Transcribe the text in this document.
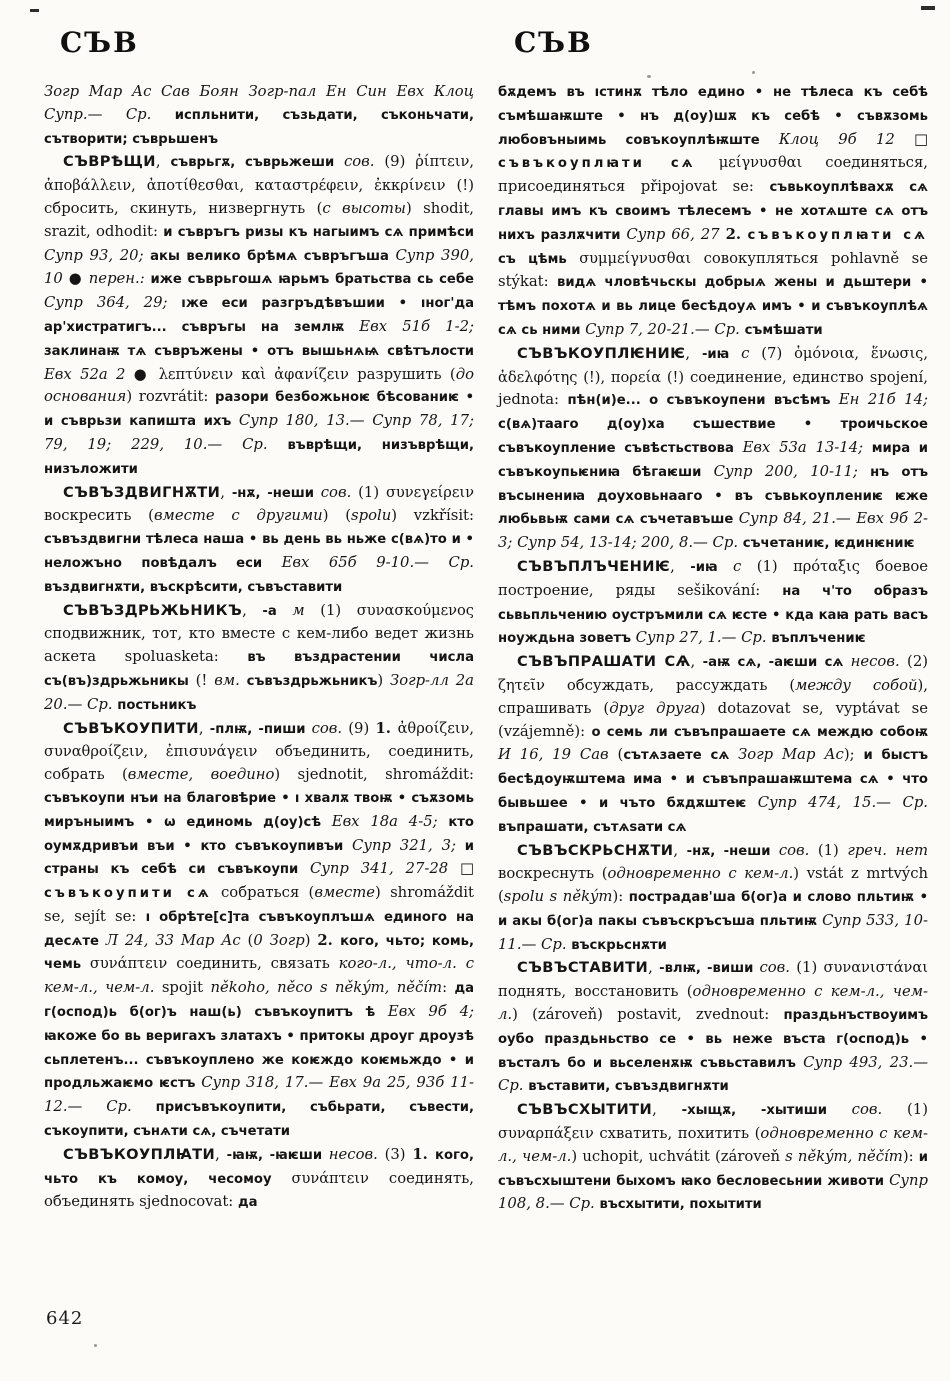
СЪВ

Зогр Мар Ас Сав Боян Зогр-пал Ен Син Евх Клоц Супр.— Ср. испльнити, съзьдати, съконьчати, сътворити; съврьшенъ

СЪВРѢЩИ, съврьгѫ, съврьжеши сов. (9) ῥίπτειν, ἀποβάλλειν, ἀποτίθεσθαι, καταστρέφειν, ἐκκρίνειν (!) сбросить, скинуть, низвергнуть (с высоты) shodit, srazit, odhodit: и съвръгъ ризы къ нагыимъ сѧ примѣси Супр 93, 20; акы велико брѣмѧ съвръгъша Супр 390, 10 ● перен.: иже съврьгошѧ ꙗрьмъ братьства сь себе Супр 364, 29; ıже еси разгръдѣвъшии • ıног'да ар'хистратигъ... съвръгы на землѭ Евх 51б 1-2; заклинаѭ тѧ съвръжены • отъ вышьнѧѩ свѣтълости Евх 52а 2 ● λεπτύνειν καὶ ἀφανίζειν разрушить (до основания) rozvrátit: разори безбожьноѥ бѣсованиѥ • и съврьзи капишта ихъ Супр 180, 13.— Супр 78, 17; 79, 19; 229, 10.— Ср. въврѣщи, низъврѣщи, низъложити

СЪВЪЗДВИГНѪТИ, -нѫ, -неши сов. (1) συνεγείρειν воскресить (вместе с другими) (spolu) vzkřísit: съвъздвигни тѣлеса наша • вь день вь ньже с(вѧ)то и • неложъно повѣдалъ еси Евх 65б 9-10.— Ср. въздвигнѫти, въскрѣсити, съвъставити

СЪВЪЗДРЬЖЬНИКЪ, -а м (1) συνασκούμενος сподвижник, тот, кто вместе с кем-либо ведет жизнь аскета spoluasketa: въ въздрастении числа съ(въ)здрьжьникы (! вм. съвъздрьжьникъ) Зогр-лл 2а 20.— Ср. постьникъ

СЪВЪКОУПИТИ, -плѭ, -пиши сов. (9) 1. ἀθροίζειν, συναθροίζειν, ἐπισυνάγειν объединить, соединить, собрать (вместе, воедино) sjednotit, shromáždit: съвъкоупи нъи на благовѣрие • ı хвалѫ твоѭ • съѫзомь миръныимъ • ѡ единомь д(оу)сѣ Евх 18а 4-5; кто оумѫдривъи въи • кто съвъкоупивъи Супр 321, 3; и страны къ себѣ си съвъкоупи Супр 341, 27-28 □ съвъкоупити сѧ собраться (вместе) shromáždit se, sejít se: ı обрѣте[с]та съвъкоуплъшѧ единого на десѧте Л 24, 33 Мар Ас (0 Зогр) 2. кого, чьто; комь, чемь συνάπτειν соединить, связать кого-л., что-л. с кем-л., чем-л. spojit někoho, něco s někým, něčím: да г(оспод)ь б(ог)ъ наш(ь) съвъкоупитъ ѣ Евх 9б 4; ꙗкоже бо вь веригахъ златахъ • притокы дроуг дроузѣ сьплетенъ... съвъкоуплено же коѥждо коѥмьждо • и продльжаѥмо ѥстъ Супр 318, 17.— Евх 9а 25, 93б 11-12.— Ср. присъвъкоупити, събьрати, съвести, съкоупити, сънѧти сѧ, съчетати

СЪВЪКОУПЛꙖТИ, -ꙗѭ, -ꙗѥши несов. (3) 1. кого, чьто къ комоу, чесомоу συνάπτειν соединять, объединять sjednocovat: да

СЪВ

бѫдемъ въ ıстинѫ тѣло едино • не тѣлеса къ себѣ съмѣшаѭште • нъ д(оу)шѫ къ себѣ • съвѫзомь любовъныимь совъкоуплѣѭште Клоц 9б 12 □ съвъкоуплꙗти сѧ μείγνυσθαι соединяться, присоединяться připojovat se: съвькоуплѣвахѫ сѧ главы имъ къ своимъ тѣлесемъ • не хотѧште сѧ отъ нихъ разлѫчити Супр 66, 27 2. съвъкоуплꙗти сѧ съ цѣмь συμμείγνυσθαι совокупляться pohlavně se stýkat: видѧ чловѣчьскы добрыѧ жены и дьштери • тѣмъ похотѧ и вь лице бесѣдоуѧ имъ • и съвъкоуплѣѧ сѧ сь ними Супр 7, 20-21.— Ср. съмѣшати

СЪВЪКОУПЛѤНИѤ, -иꙗ с (7) ὁμόνοια, ἕνωσις, ἀδελφότης (!), πορεία (!) соединение, единство spojení, jednota: пѣн(и)е... о съвъкоупени въсѣмъ Ен 21б 14; с(вѧ)тааго д(оу)ха съшествие • троичьское съвъкоупление съвѣстьствова Евх 53а 13-14; мира и съвъкоупьѥниꙗ бѣгаѥши Супр 200, 10-11; нъ отъ въсынениꙗ доуховьнааго • въ съвькоуплениѥ ѥже любьвьѭ сами сѧ съчетавъше Супр 84, 21.— Евх 9б 2-3; Супр 54, 13-14; 200, 8.— Ср. съчетаниѥ, ѥдинѥниѥ

СЪВЪПЛЪЧЕНИѤ, -иꙗ с (1) πρόταξις боевое построение, ряды sešikování: на ч'то образъ сьвьпльчению оустръмили сѧ ѥсте • кда каꙗ рать васъ ноуждьна зоветъ Супр 27, 1.— Ср. въплъчениѥ

СЪВЪПРАШАТИ СѦ, -аѭ сѧ, -аѥши сѧ несов. (2) ζητεῖν обсуждать, рассуждать (между собой), спрашивать (друг друга) dotazovat se, vyptávat se (vzájemně): о семь ли съвъпрашаете сѧ междю собоѭ И 16, 19 Сав (сътѧзаете сѧ Зогр Мар Ас); и быстъ бесѣдоуѭштема има • и съвъпрашаѭштема сѧ • что бывьшее • и чъто бѫдѫштеѥ Супр 474, 15.— Ср. въпрашати, сътѧѕати сѧ

СЪВЪСКРЬСНѪТИ, -нѫ, -неши сов. (1) греч. нет воскреснуть (одновременно с кем-л.) vstát z mrtvých (spolu s někým): пострадав'ша б(ог)а и слово пльтиѭ • и акы б(ог)а пакы съвъскръсъша пльтиѭ Супр 533, 10-11.— Ср. въскрьснѫти

СЪВЪСТАВИТИ, -влѭ, -виши сов. (1) συνανιστάναι поднять, восстановить (одновременно с кем-л., чем-л.) (zároveň) postavit, zvednout: праздьнъствоуимъ оубо праздьньство се • вь неже въста г(оспод)ь • въсталъ бо и вьселенѫѭ съвьставилъ Супр 493, 23.— Ср. въставити, съвъздвигнѫти

СЪВЪСХЫТИТИ, -хыщѫ, -хытиши сов. (1) συναρπάξειν схватить, похитить (одновременно с кем-л., чем-л.) uchopit, uchvátit (zároveň s někým, něčím): и съвъсхыштени быхомъ ꙗко бесловесьнии животи Супр 108, 8.— Ср. въсхытити, похытити

642
